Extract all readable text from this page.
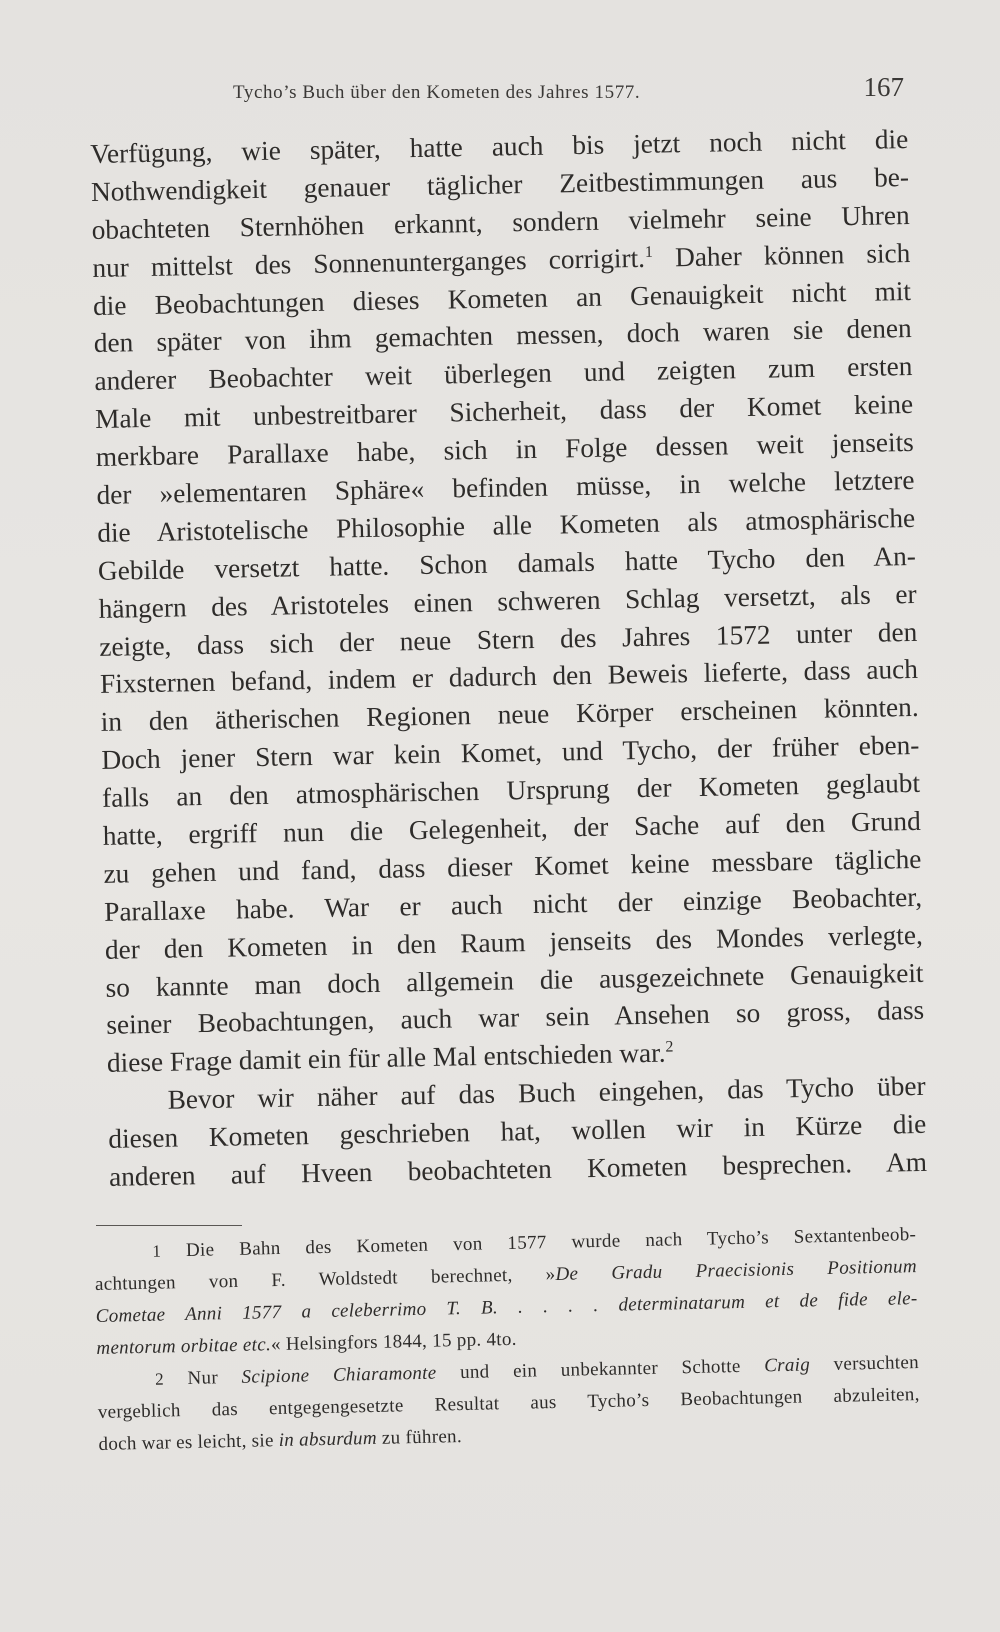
Tycho’s Buch über den Kometen des Jahres 1577.	167
Verfügung, wie später, hatte auch bis jetzt noch nicht die
Nothwendigkeit genauer täglicher Zeitbestimmungen aus be-
obachteten Sternhöhen erkannt, sondern vielmehr seine Uhren
nur mittelst des Sonnenunterganges corrigirt.$^1$ Daher können sich
die Beobachtungen dieses Kometen an Genauigkeit nicht mit
den später von ihm gemachten messen, doch waren sie denen
anderer Beobachter weit überlegen und zeigten zum ersten
Male mit unbestreitbarer Sicherheit, dass der Komet keine
merkbare Parallaxe habe, sich in Folge dessen weit jenseits
der »elementaren Sphäre« befinden müsse, in welche letztere
die Aristotelische Philosophie alle Kometen als atmosphärische
Gebilde versetzt hatte. Schon damals hatte Tycho den An-
hängern des Aristoteles einen schweren Schlag versetzt, als er
zeigte, dass sich der neue Stern des Jahres 1572 unter den
Fixsternen befand, indem er dadurch den Beweis lieferte, dass auch
in den ätherischen Regionen neue Körper erscheinen könnten.
Doch jener Stern war kein Komet, und Tycho, der früher eben-
falls an den atmosphärischen Ursprung der Kometen geglaubt
hatte, ergriff nun die Gelegenheit, der Sache auf den Grund
zu gehen und fand, dass dieser Komet keine messbare tägliche
Parallaxe habe. War er auch nicht der einzige Beobachter,
der den Kometen in den Raum jenseits des Mondes verlegte,
so kannte man doch allgemein die ausgezeichnete Genauigkeit
seiner Beobachtungen, auch war sein Ansehen so gross, dass
diese Frage damit ein für alle Mal entschieden war.$^2$
Bevor wir näher auf das Buch eingehen, das Tycho über
diesen Kometen geschrieben hat, wollen wir in Kürze die
anderen auf Hveen beobachteten Kometen besprechen. Am
1 Die Bahn des Kometen von 1577 wurde nach Tycho’s Sextantenbeob-
achtungen von F. Woldstedt berechnet, »De Gradu Praecisionis Positionum
Cometae Anni 1577 a celeberrimo T. B. . . . . determinatarum et de fide ele-
mentorum orbitae etc.« Helsingfors 1844, 15 pp. 4to.
2 Nur Scipione Chiaramonte und ein unbekannter Schotte Craig versuchten
vergeblich das entgegengesetzte Resultat aus Tycho’s Beobachtungen abzuleiten,
doch war es leicht, sie in absurdum zu führen.
